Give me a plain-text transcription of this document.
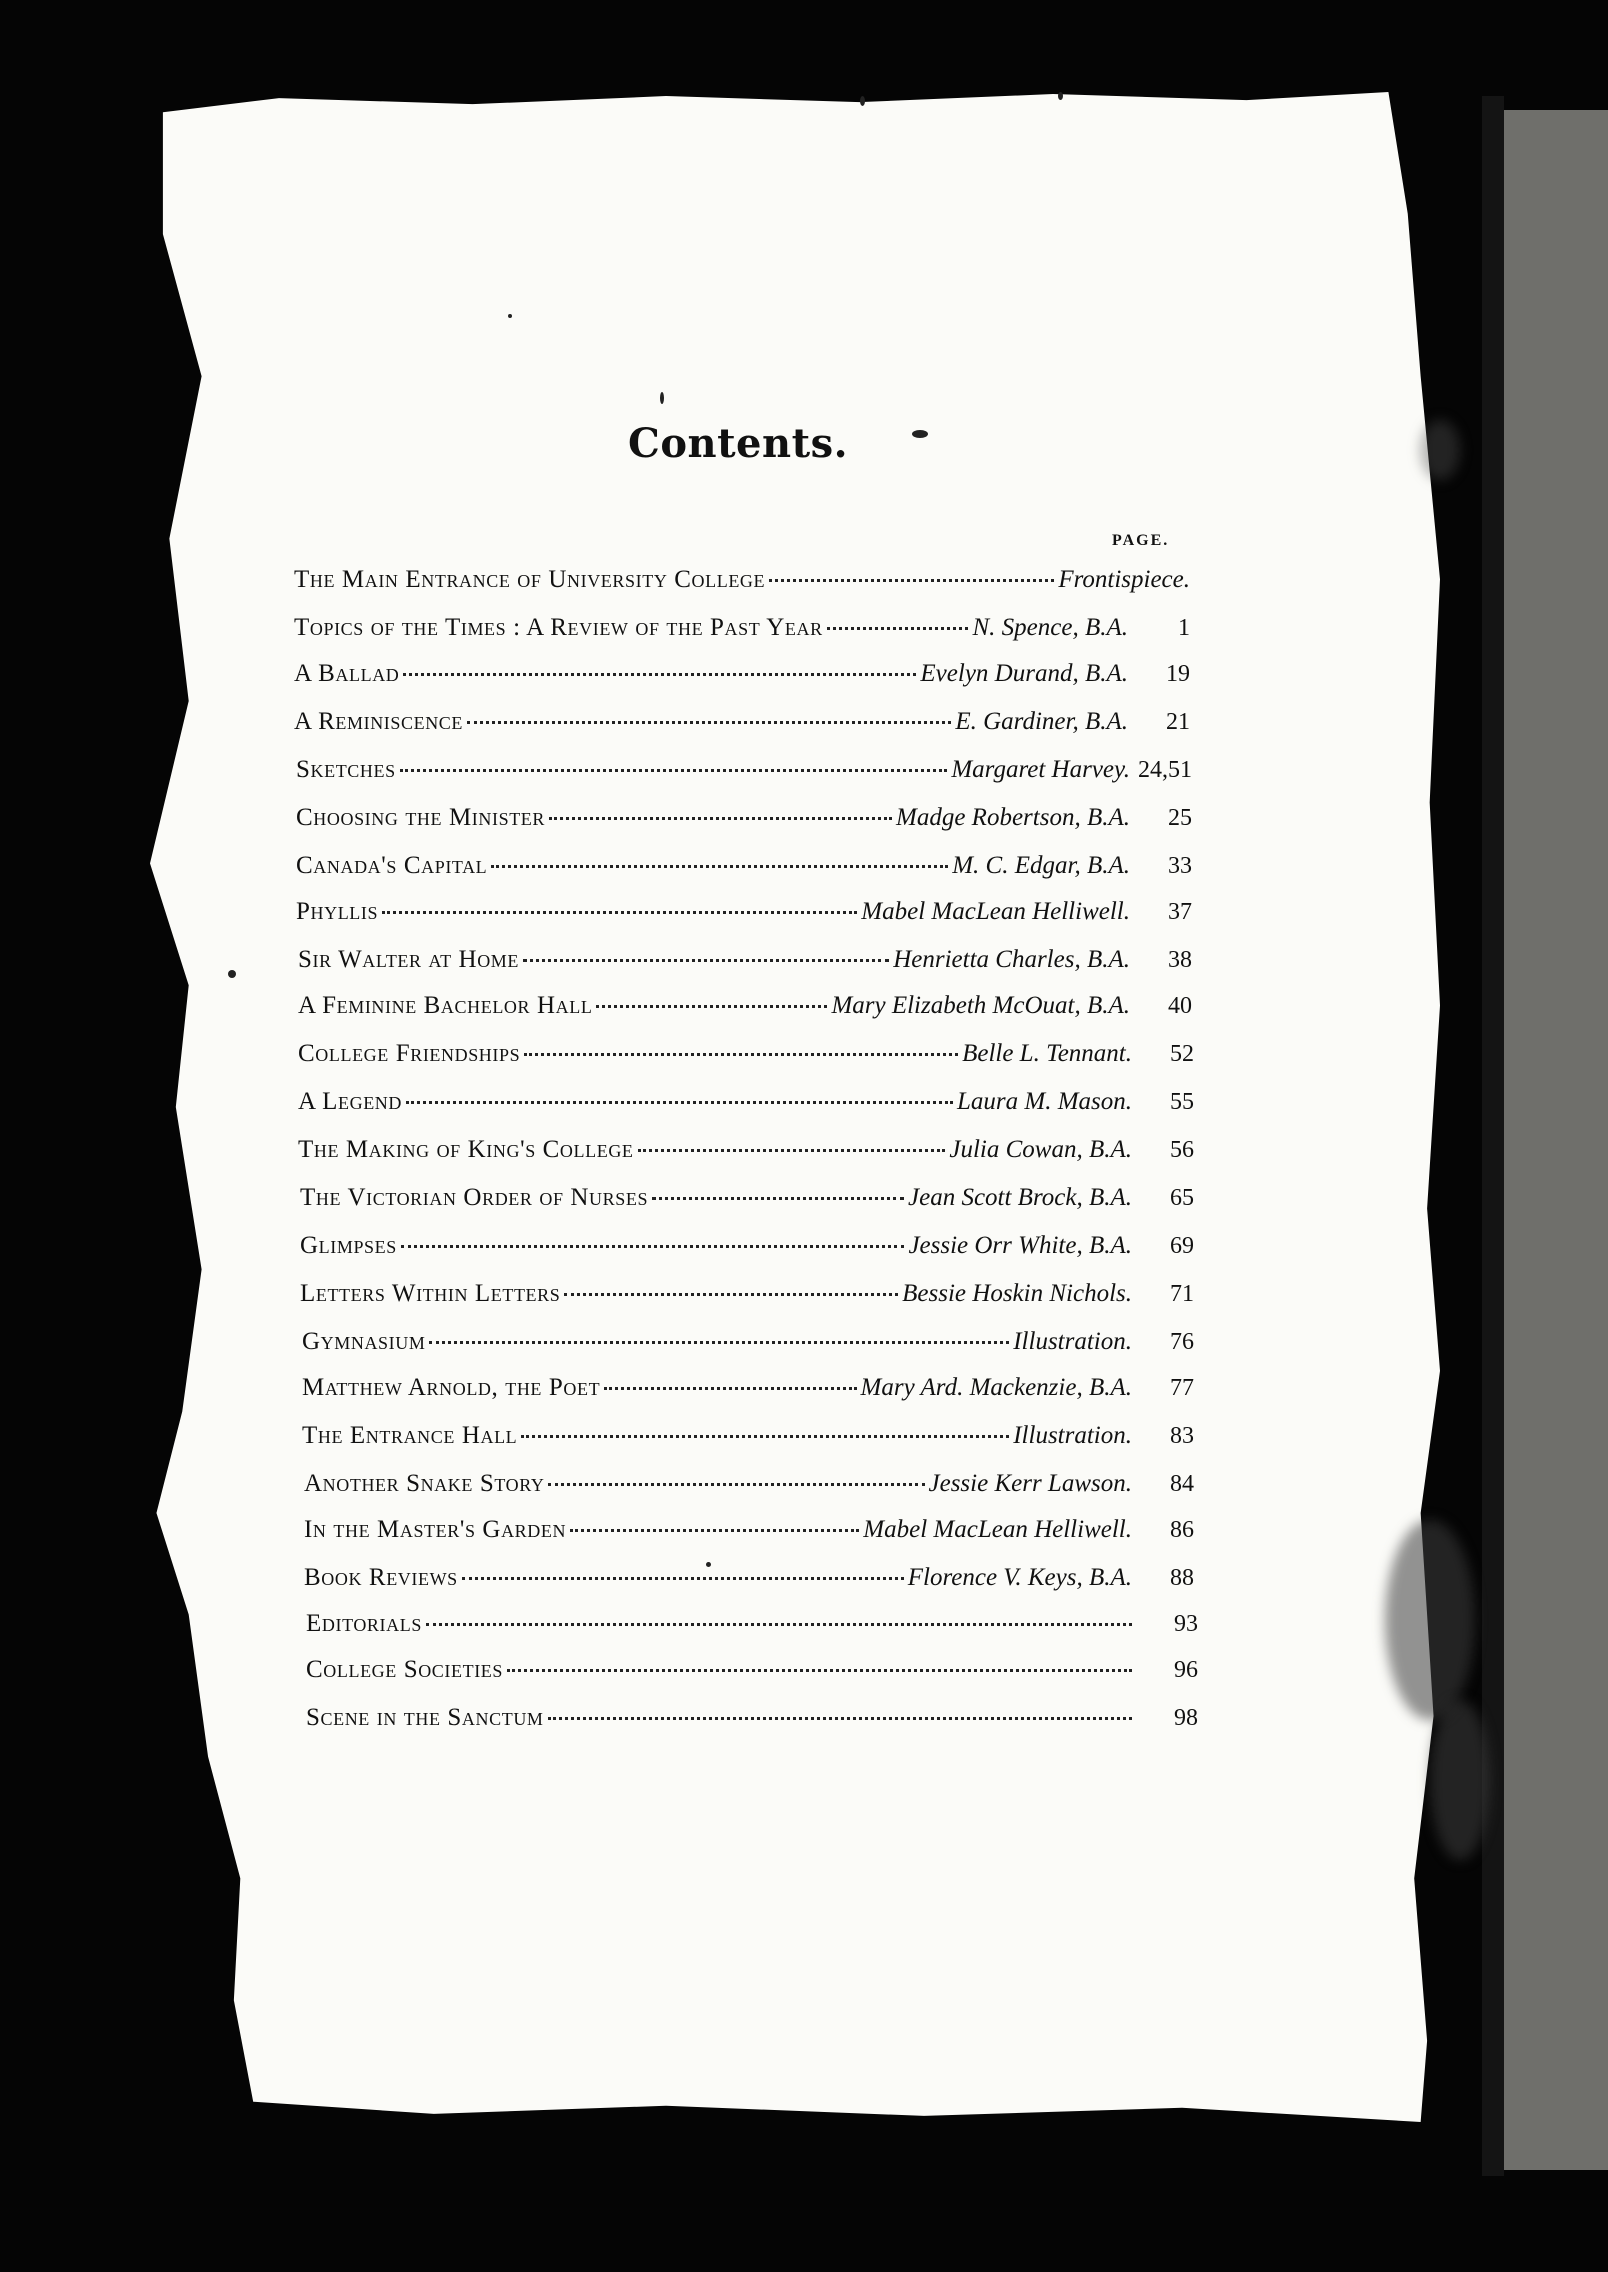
Contents.
PAGE.
The Main Entrance of University College	Frontispiece.
Topics of the Times : A Review of the Past Year	N. Spence, B.A.	1
A Ballad	Evelyn Durand, B.A.	19
A Reminiscence	E. Gardiner, B.A.	21
Sketches	Margaret Harvey. 24,51
Choosing the Minister	Madge Robertson, B.A.	25
Canada's Capital	M. C. Edgar, B.A.	33
Phyllis	Mabel MacLean Helliwell.	37
Sir Walter at Home	Henrietta Charles, B.A.	38
A Feminine Bachelor Hall	Mary Elizabeth McOuat, B.A.	40
College Friendships	Belle L. Tennant.	52
A Legend	Laura M. Mason.	55
The Making of King's College	Julia Cowan, B.A.	56
The Victorian Order of Nurses	Jean Scott Brock, B.A.	65
Glimpses	Jessie Orr White, B.A.	69
Letters Within Letters	Bessie Hoskin Nichols.	71
Gymnasium	Illustration.	76
Matthew Arnold, the Poet	Mary Ard. Mackenzie, B.A.	77
The Entrance Hall	Illustration.	83
Another Snake Story	Jessie Kerr Lawson.	84
In the Master's Garden	Mabel MacLean Helliwell.	86
Book Reviews	Florence V. Keys, B.A.	88
Editorials	93
College Societies	96
Scene in the Sanctum	98
